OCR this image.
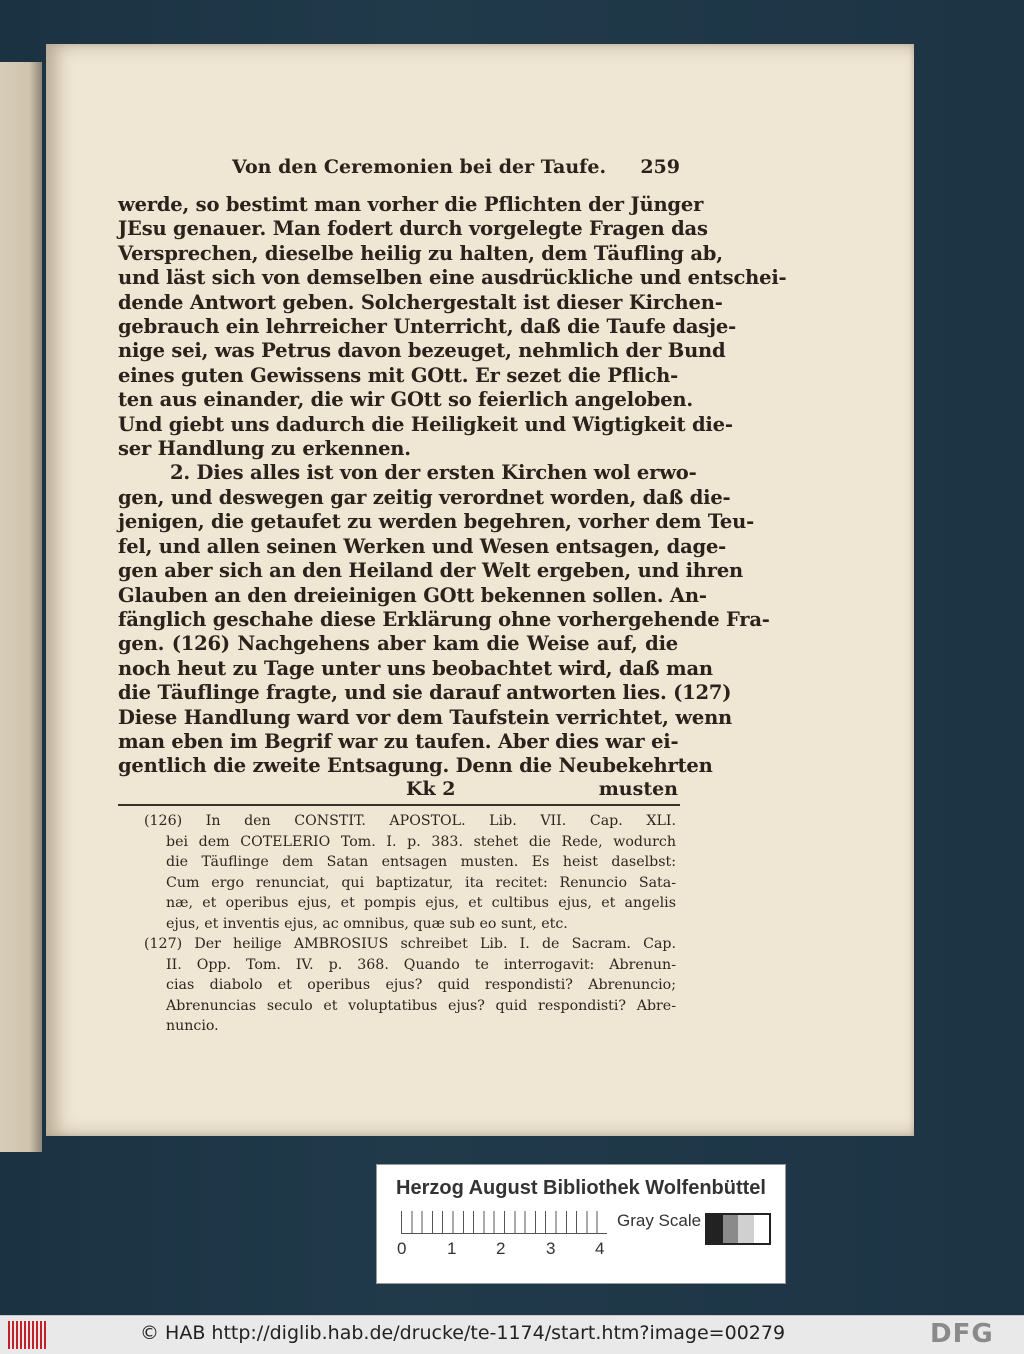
Von den Ceremonien bei der Taufe. 259
werde, so bestimt man vorher die Pflichten der Jünger
JEsu genauer. Man fodert durch vorgelegte Fragen das
Versprechen, dieselbe heilig zu halten, dem Täufling ab,
und läst sich von demselben eine ausdrückliche und entschei-
dende Antwort geben. Solchergestalt ist dieser Kirchen-
gebrauch ein lehrreicher Unterricht, daß die Taufe dasje-
nige sei, was Petrus davon bezeuget, nehmlich der Bund
eines guten Gewissens mit GOtt. Er sezet die Pflich-
ten aus einander, die wir GOtt so feierlich angeloben.
Und giebt uns dadurch die Heiligkeit und Wigtigkeit die-
ser Handlung zu erkennen.
2. Dies alles ist von der ersten Kirchen wol erwo-
gen, und deswegen gar zeitig verordnet worden, daß die-
jenigen, die getaufet zu werden begehren, vorher dem Teu-
fel, und allen seinen Werken und Wesen entsagen, dage-
gen aber sich an den Heiland der Welt ergeben, und ihren
Glauben an den dreieinigen GOtt bekennen sollen. An-
fänglich geschahe diese Erklärung ohne vorhergehende Fra-
gen. (126) Nachgehens aber kam die Weise auf, die
noch heut zu Tage unter uns beobachtet wird, daß man
die Täuflinge fragte, und sie darauf antworten lies. (127)
Diese Handlung ward vor dem Taufstein verrichtet, wenn
man eben im Begrif war zu taufen. Aber dies war ei-
gentlich die zweite Entsagung. Denn die Neubekehrten
Kk 2	musten
(126) In den CONSTIT. APOSTOL. Lib. VII. Cap. XLI.
bei dem COTELERIO Tom. I. p. 383. stehet die Rede, wodurch
die Täuflinge dem Satan entsagen musten. Es heist daselbst:
Cum ergo renunciat, qui baptizatur, ita recitet: Renuncio Sata-
næ, et operibus ejus, et pompis ejus, et cultibus ejus, et angelis
ejus, et inventis ejus, ac omnibus, quæ sub eo sunt, etc.
(127) Der heilige AMBROSIUS schreibet Lib. I. de Sacram. Cap.
II. Opp. Tom. IV. p. 368. Quando te interrogavit: Abrenun-
cias diabolo et operibus ejus? quid respondisti? Abrenuncio;
Abrenuncias seculo et voluptatibus ejus? quid respondisti? Abre-
nuncio.
Herzog August Bibliothek Wolfenbüttel
Gray Scale
0 1 2 3 4
© HAB http://diglib.hab.de/drucke/te-1174/start.htm?image=00279	DFG
